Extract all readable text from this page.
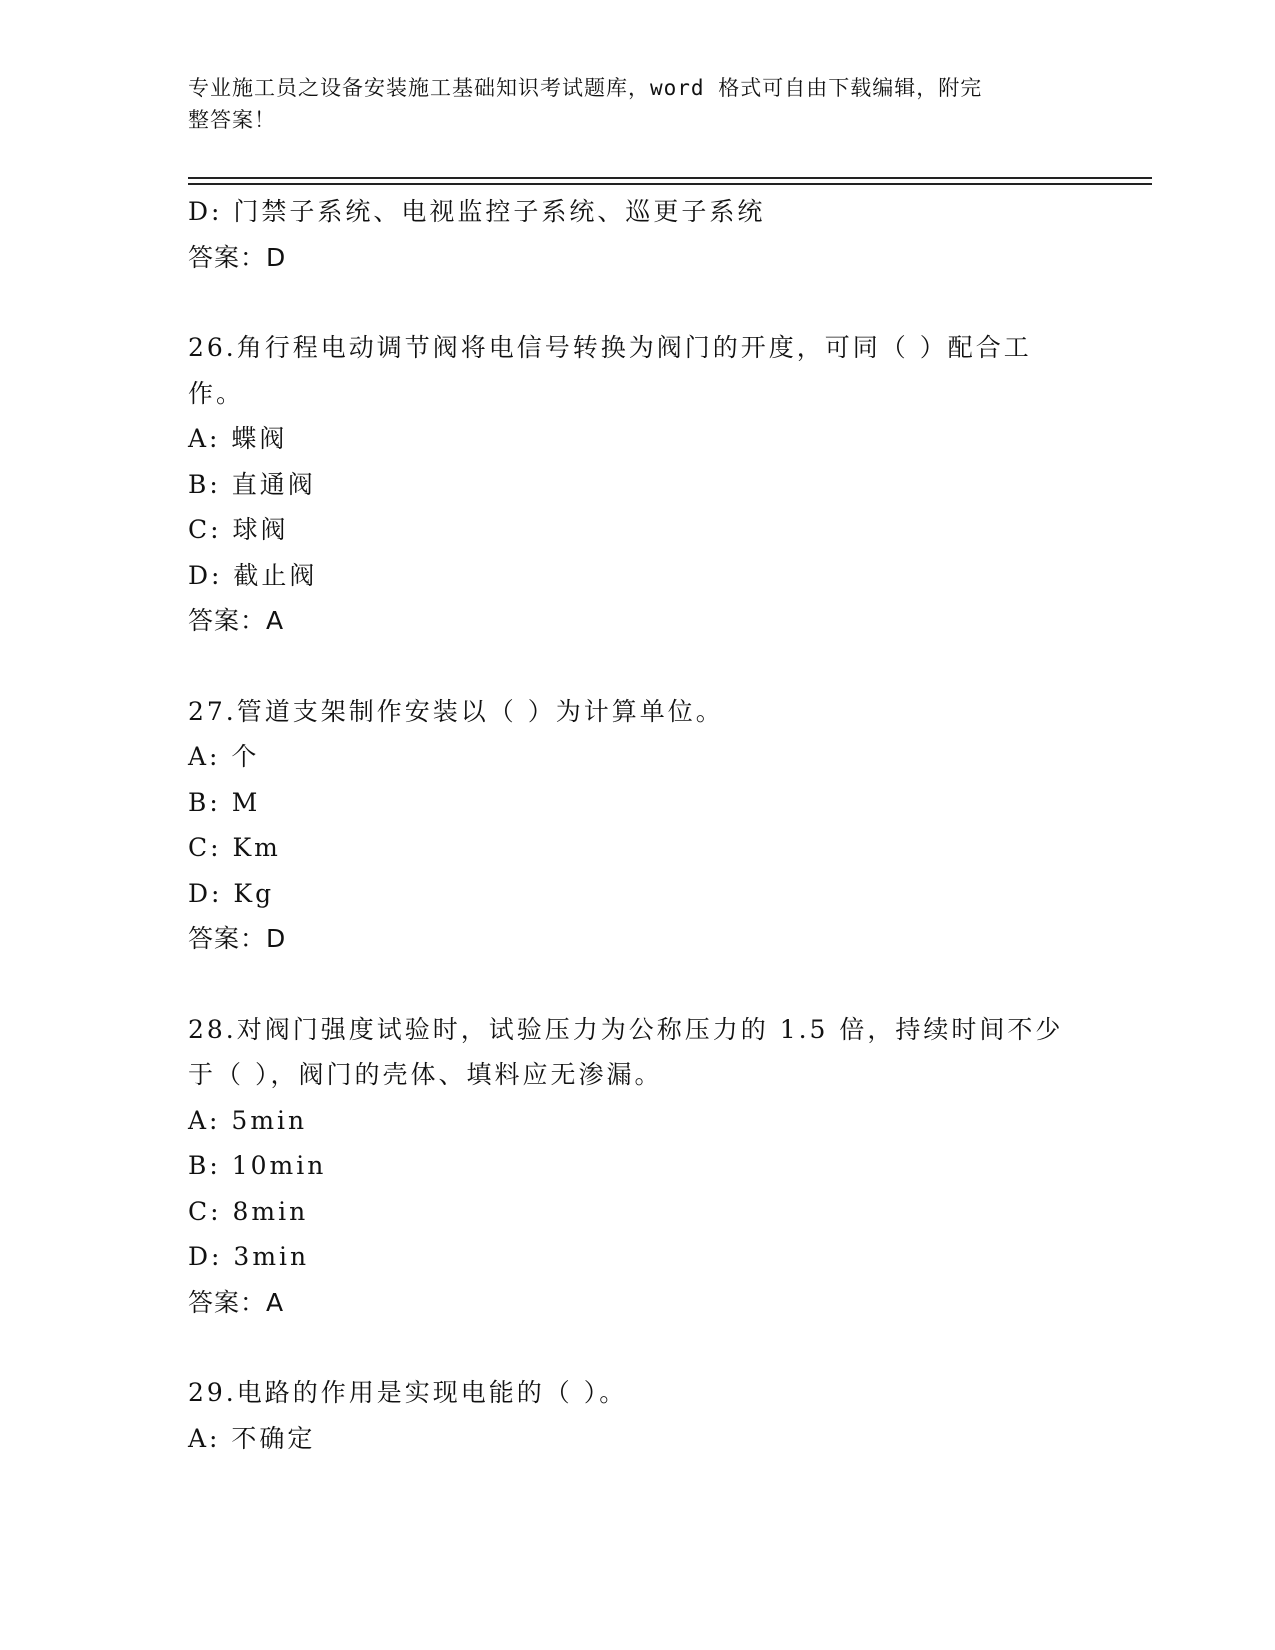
专业施工员之设备安装施工基础知识考试题库，word 格式可自由下载编辑，附完
整答案！
D: 门禁子系统、电视监控子系统、巡更子系统
答案：D
26.角行程电动调节阀将电信号转换为阀门的开度，可同（ ）配合工
作。
A: 蝶阀
B: 直通阀
C: 球阀
D: 截止阀
答案：A
27.管道支架制作安装以（ ）为计算单位。
A: 个
B: M
C: Km
D: Kg
答案：D
28.对阀门强度试验时，试验压力为公称压力的 1.5 倍，持续时间不少
于（ ），阀门的壳体、填料应无渗漏。
A: 5min
B: 10min
C: 8min
D: 3min
答案：A
29.电路的作用是实现电能的（ ）。
A: 不确定
